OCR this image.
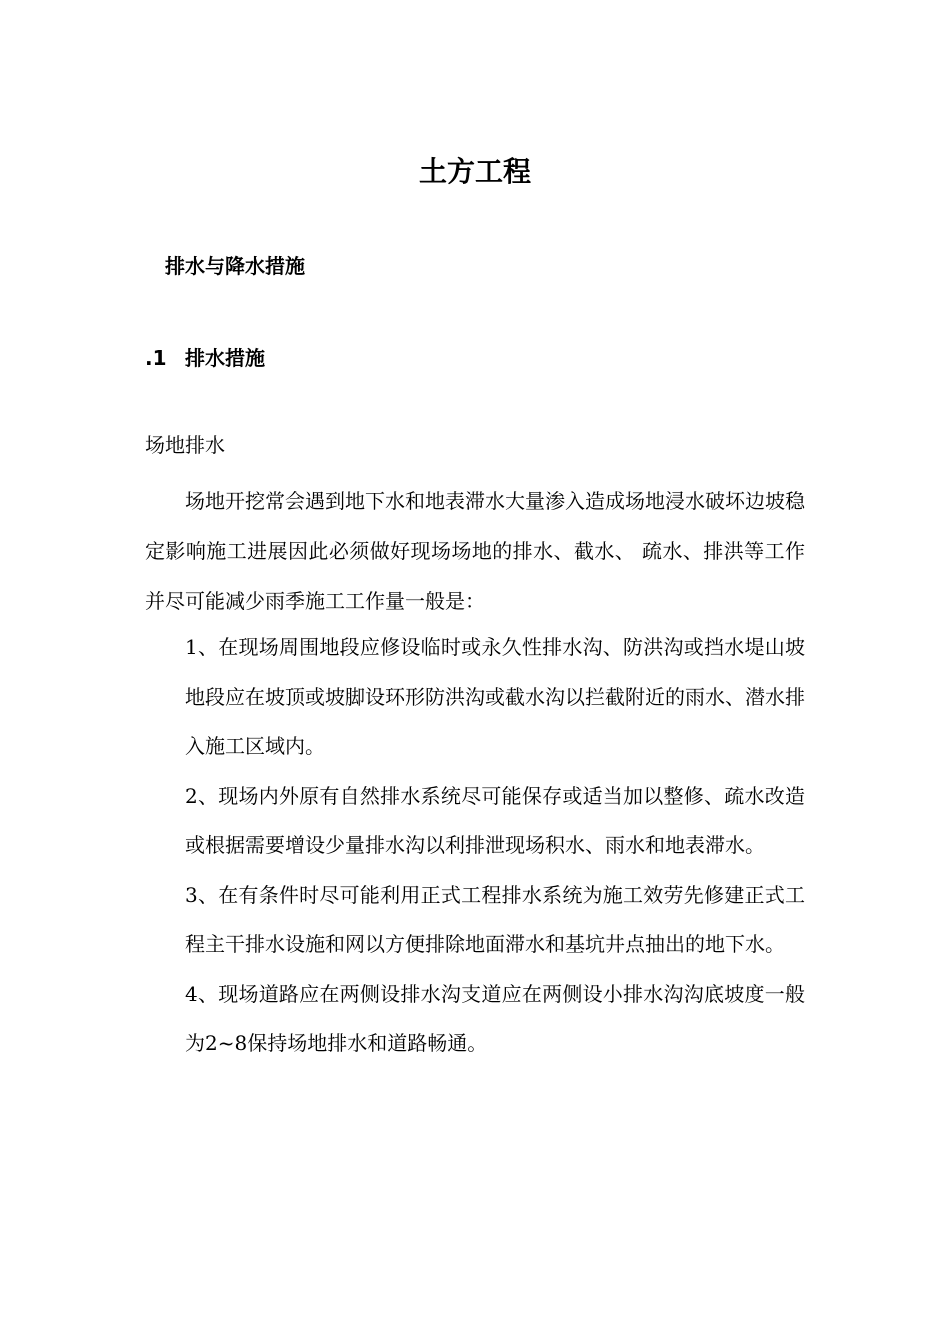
土方工程
排水与降水措施
.1 排水措施
场地排水
场地开挖常会遇到地下水和地表滞水大量渗入造成场地浸水破坏边坡稳定影响施工进展因此必须做好现场场地的排水、截水、 疏水、排洪等工作并尽可能减少雨季施工工作量一般是：

1、在现场周围地段应修设临时或永久性排水沟、防洪沟或挡水堤山坡地段应在坡顶或坡脚设环形防洪沟或截水沟以拦截附近的雨水、潜水排入施工区域内。

2、现场内外原有自然排水系统尽可能保存或适当加以整修、疏水改造或根据需要增设少量排水沟以利排泄现场积水、雨水和地表滞水。

3、在有条件时尽可能利用正式工程排水系统为施工效劳先修建正式工程主干排水设施和网以方便排除地面滞水和基坑井点抽出的地下水。

4、现场道路应在两侧设排水沟支道应在两侧设小排水沟沟底坡度一般为2~8保持场地排水和道路畅通。
